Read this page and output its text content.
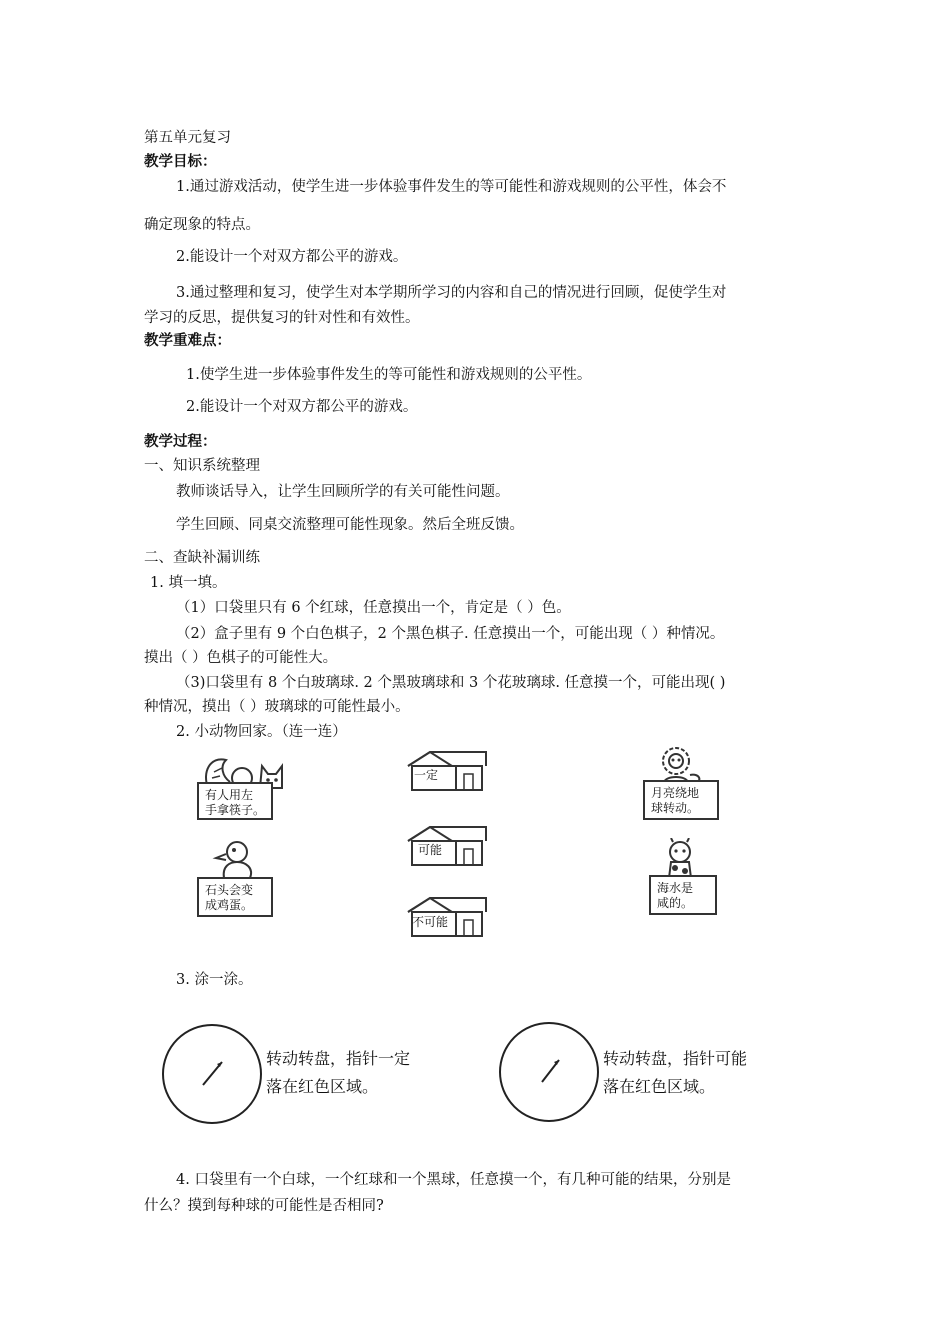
第五单元复习
教学目标：
1.通过游戏活动，使学生进一步体验事件发生的等可能性和游戏规则的公平性，体会不
确定现象的特点。
2.能设计一个对双方都公平的游戏。
3.通过整理和复习，使学生对本学期所学习的内容和自己的情况进行回顾，促使学生对
学习的反思，提供复习的针对性和有效性。
教学重难点：
1.使学生进一步体验事件发生的等可能性和游戏规则的公平性。
2.能设计一个对双方都公平的游戏。
教学过程：
一、知识系统整理
教师谈话导入，让学生回顾所学的有关可能性问题。
学生回顾、同桌交流整理可能性现象。然后全班反馈。
二、查缺补漏训练
1. 填一填。
（1）口袋里只有 6 个红球，任意摸出一个，肯定是（ ）色。
（2）盒子里有 9 个白色棋子，2 个黑色棋子. 任意摸出一个，可能出现（ ）种情况。
摸出（ ）色棋子的可能性大。
（3)口袋里有 8 个白玻璃球. 2 个黑玻璃球和 3 个花玻璃球. 任意摸一个，可能出现( )
种情况，摸出（ ）玻璃球的可能性最小。
2. 小动物回家。（连一连）
有人用左
手拿筷子。
石头会变
成鸡蛋。
一定
可能
不可能
月亮绕地
球转动。
海水是
咸的。
3. 涂一涂。
转动转盘，指针一定
落在红色区域。
转动转盘，指针可能
落在红色区域。
4. 口袋里有一个白球，一个红球和一个黑球，任意摸一个，有几种可能的结果，分别是
什么？摸到每种球的可能性是否相同?
